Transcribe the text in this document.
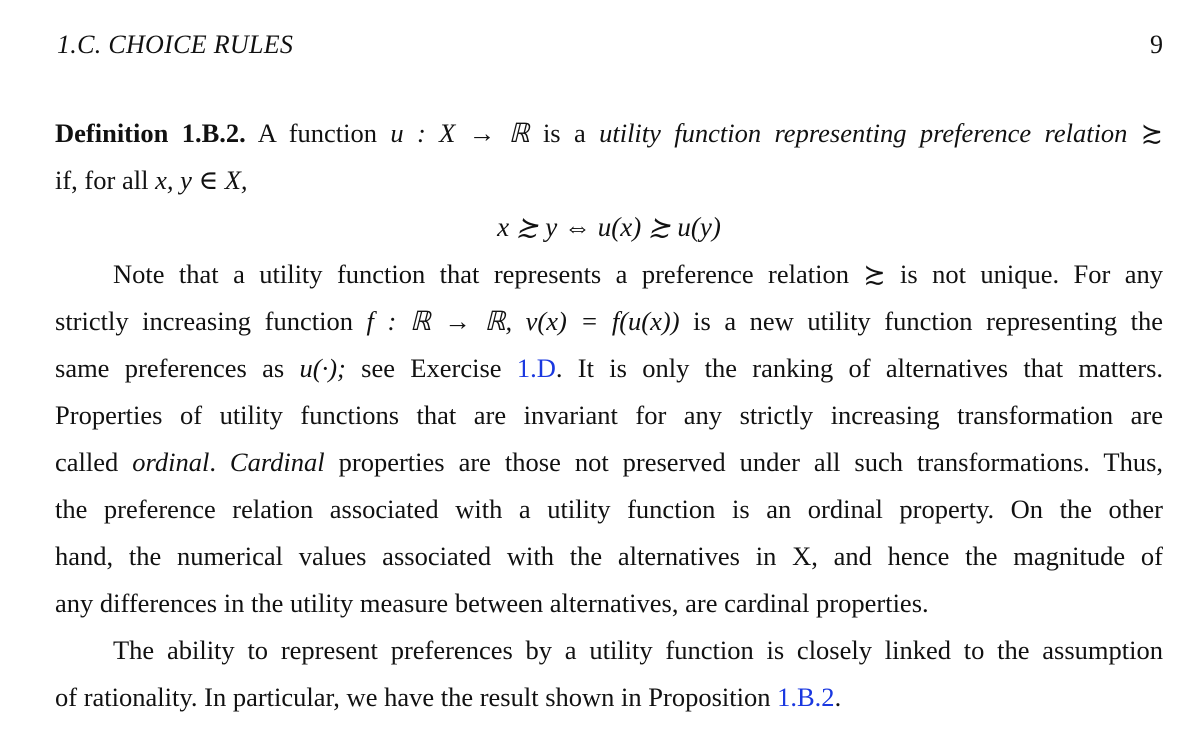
1.C. CHOICE RULES	9
Definition 1.B.2. A function u : X → ℝ is a utility function representing preference relation ≿
if, for all x, y ∈ X,
x ≿ y ⇔ u(x) ≿ u(y)
Note that a utility function that represents a preference relation ≿ is not unique. For any
strictly increasing function f : ℝ → ℝ, v(x) = f(u(x)) is a new utility function representing the
same preferences as u(·); see Exercise 1.D. It is only the ranking of alternatives that matters.
Properties of utility functions that are invariant for any strictly increasing transformation are
called ordinal. Cardinal properties are those not preserved under all such transformations. Thus,
the preference relation associated with a utility function is an ordinal property. On the other
hand, the numerical values associated with the alternatives in X, and hence the magnitude of
any differences in the utility measure between alternatives, are cardinal properties.
The ability to represent preferences by a utility function is closely linked to the assumption
of rationality. In particular, we have the result shown in Proposition 1.B.2.
